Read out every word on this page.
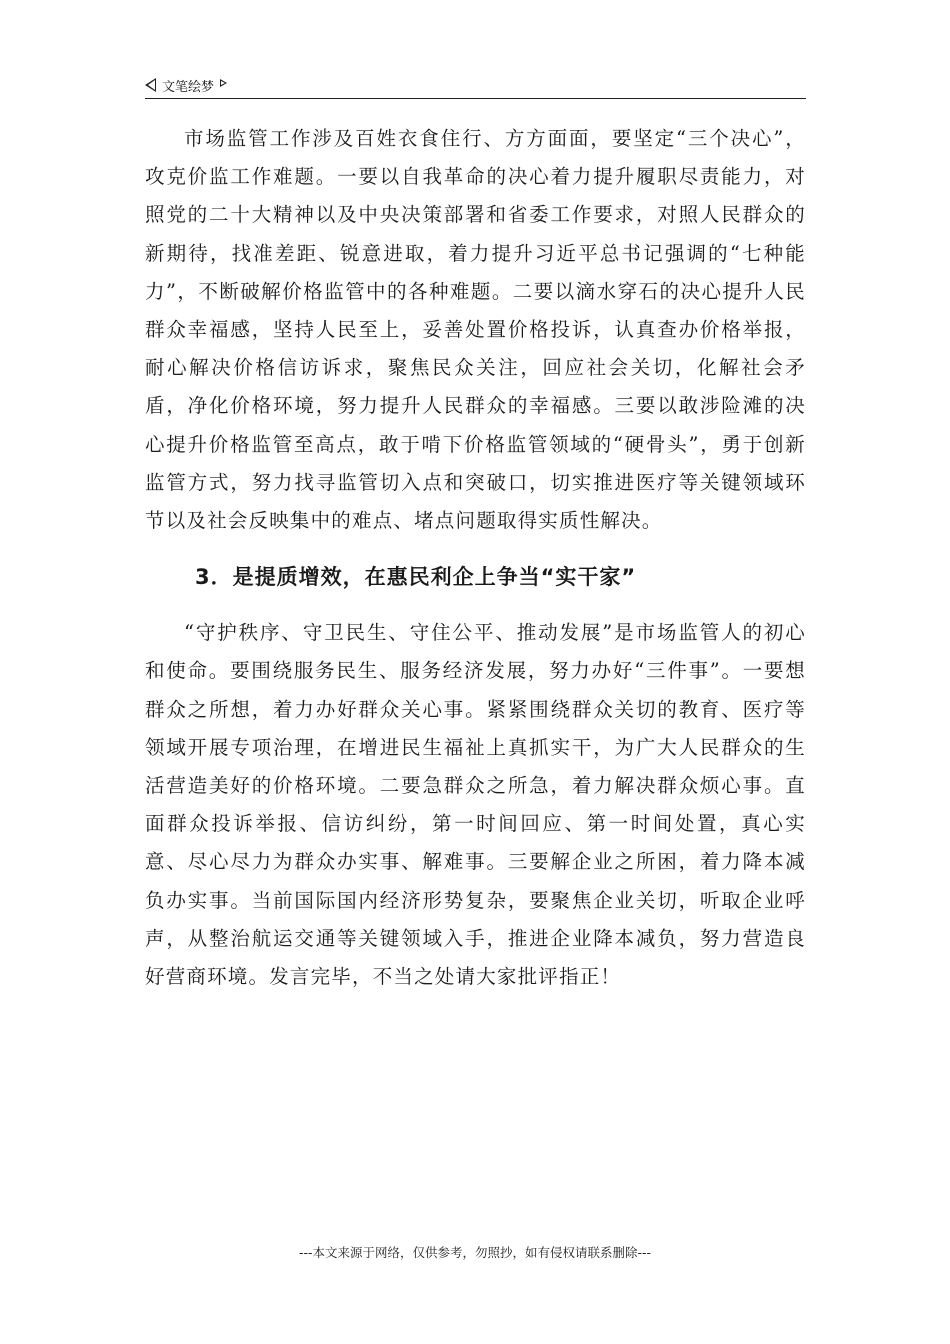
文笔绘梦

市场监管工作涉及百姓衣食住行、方方面面，要坚定“三个决心”，攻克价监工作难题。一要以自我革命的决心着力提升履职尽责能力，对照党的二十大精神以及中央决策部署和省委工作要求，对照人民群众的新期待，找准差距、锐意进取，着力提升习近平总书记强调的“七种能力”，不断破解价格监管中的各种难题。二要以滴水穿石的决心提升人民群众幸福感，坚持人民至上，妥善处置价格投诉，认真查办价格举报，耐心解决价格信访诉求，聚焦民众关注，回应社会关切，化解社会矛盾，净化价格环境，努力提升人民群众的幸福感。三要以敢涉险滩的决心提升价格监管至高点，敢于啃下价格监管领域的“硬骨头”，勇于创新监管方式，努力找寻监管切入点和突破口，切实推进医疗等关键领域环节以及社会反映集中的难点、堵点问题取得实质性解决。

3．是提质增效，在惠民利企上争当“实干家”

“守护秩序、守卫民生、守住公平、推动发展”是市场监管人的初心和使命。要围绕服务民生、服务经济发展，努力办好“三件事”。一要想群众之所想，着力办好群众关心事。紧紧围绕群众关切的教育、医疗等领域开展专项治理，在增进民生福祉上真抓实干，为广大人民群众的生活营造美好的价格环境。二要急群众之所急，着力解决群众烦心事。直面群众投诉举报、信访纠纷，第一时间回应、第一时间处置，真心实意、尽心尽力为群众办实事、解难事。三要解企业之所困，着力降本减负办实事。当前国际国内经济形势复杂，要聚焦企业关切，听取企业呼声，从整治航运交通等关键领域入手，推进企业降本减负，努力营造良好营商环境。发言完毕，不当之处请大家批评指正！

---本文来源于网络，仅供参考，勿照抄，如有侵权请联系删除---
